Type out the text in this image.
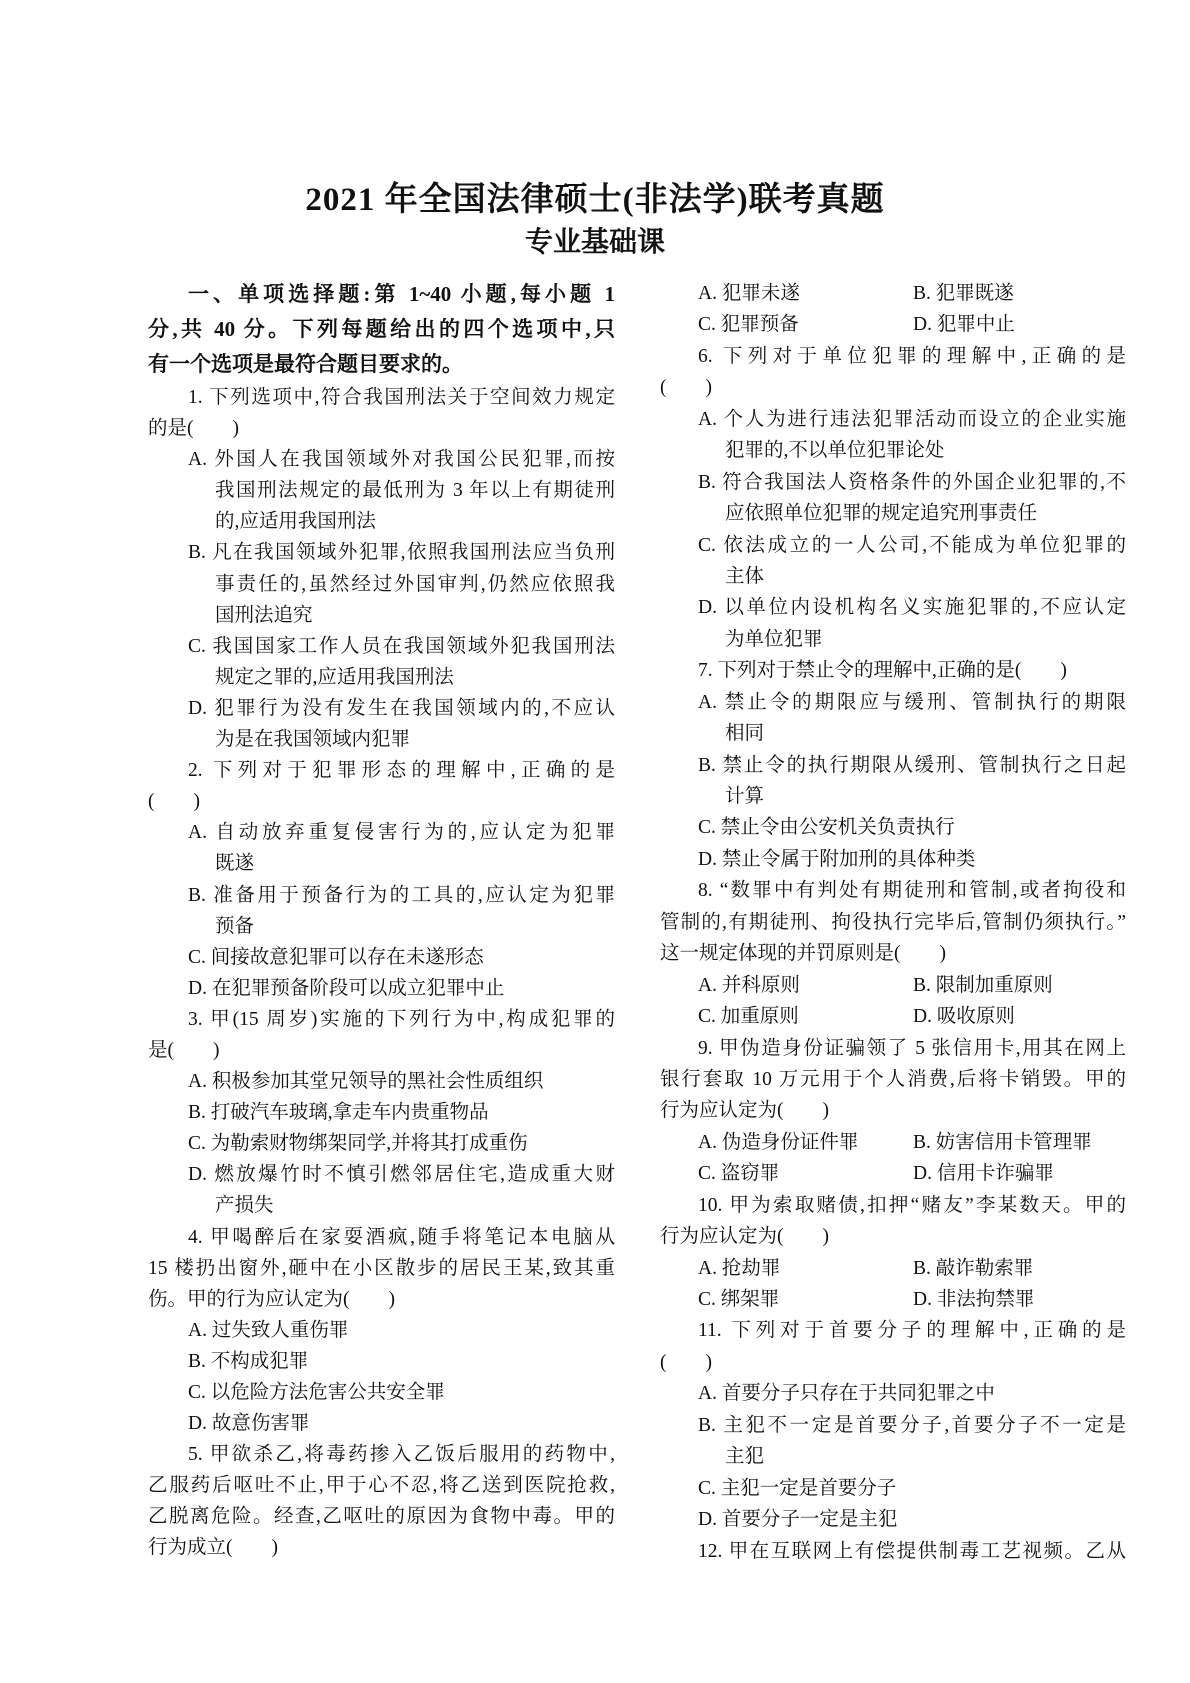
2021 年全国法律硕士(非法学)联考真题
专业基础课
一、单项选择题:第 1~40 小题,每小题 1
分,共 40 分。下列每题给出的四个选项中,只
有一个选项是最符合题目要求的。
1. 下列选项中,符合我国刑法关于空间效力规定
的是(　　)
A. 外国人在我国领域外对我国公民犯罪,而按
我国刑法规定的最低刑为 3 年以上有期徒刑
的,应适用我国刑法
B. 凡在我国领域外犯罪,依照我国刑法应当负刑
事责任的,虽然经过外国审判,仍然应依照我
国刑法追究
C. 我国国家工作人员在我国领域外犯我国刑法
规定之罪的,应适用我国刑法
D. 犯罪行为没有发生在我国领域内的,不应认
为是在我国领域内犯罪
2. 下列对于犯罪形态的理解中,正确的是
(　　)
A. 自动放弃重复侵害行为的,应认定为犯罪
既遂
B. 准备用于预备行为的工具的,应认定为犯罪
预备
C. 间接故意犯罪可以存在未遂形态
D. 在犯罪预备阶段可以成立犯罪中止
3. 甲(15 周岁)实施的下列行为中,构成犯罪的
是(　　)
A. 积极参加其堂兄领导的黑社会性质组织
B. 打破汽车玻璃,拿走车内贵重物品
C. 为勒索财物绑架同学,并将其打成重伤
D. 燃放爆竹时不慎引燃邻居住宅,造成重大财
产损失
4. 甲喝醉后在家耍酒疯,随手将笔记本电脑从
15 楼扔出窗外,砸中在小区散步的居民王某,致其重
伤。甲的行为应认定为(　　)
A. 过失致人重伤罪
B. 不构成犯罪
C. 以危险方法危害公共安全罪
D. 故意伤害罪
5. 甲欲杀乙,将毒药掺入乙饭后服用的药物中,
乙服药后呕吐不止,甲于心不忍,将乙送到医院抢救,
乙脱离危险。经查,乙呕吐的原因为食物中毒。甲的
行为成立(　　)
A. 犯罪未遂	B. 犯罪既遂
C. 犯罪预备	D. 犯罪中止
6. 下列对于单位犯罪的理解中,正确的是
(　　)
A. 个人为进行违法犯罪活动而设立的企业实施
犯罪的,不以单位犯罪论处
B. 符合我国法人资格条件的外国企业犯罪的,不
应依照单位犯罪的规定追究刑事责任
C. 依法成立的一人公司,不能成为单位犯罪的
主体
D. 以单位内设机构名义实施犯罪的,不应认定
为单位犯罪
7. 下列对于禁止令的理解中,正确的是(　　)
A. 禁止令的期限应与缓刑、管制执行的期限
相同
B. 禁止令的执行期限从缓刑、管制执行之日起
计算
C. 禁止令由公安机关负责执行
D. 禁止令属于附加刑的具体种类
8. “数罪中有判处有期徒刑和管制,或者拘役和
管制的,有期徒刑、拘役执行完毕后,管制仍须执行。”
这一规定体现的并罚原则是(　　)
A. 并科原则	B. 限制加重原则
C. 加重原则	D. 吸收原则
9. 甲伪造身份证骗领了 5 张信用卡,用其在网上
银行套取 10 万元用于个人消费,后将卡销毁。甲的
行为应认定为(　　)
A. 伪造身份证件罪	B. 妨害信用卡管理罪
C. 盗窃罪	D. 信用卡诈骗罪
10. 甲为索取赌债,扣押“赌友”李某数天。甲的
行为应认定为(　　)
A. 抢劫罪	B. 敲诈勒索罪
C. 绑架罪	D. 非法拘禁罪
11. 下列对于首要分子的理解中,正确的是
(　　)
A. 首要分子只存在于共同犯罪之中
B. 主犯不一定是首要分子,首要分子不一定是
主犯
C. 主犯一定是首要分子
D. 首要分子一定是主犯
12. 甲在互联网上有偿提供制毒工艺视频。乙从
